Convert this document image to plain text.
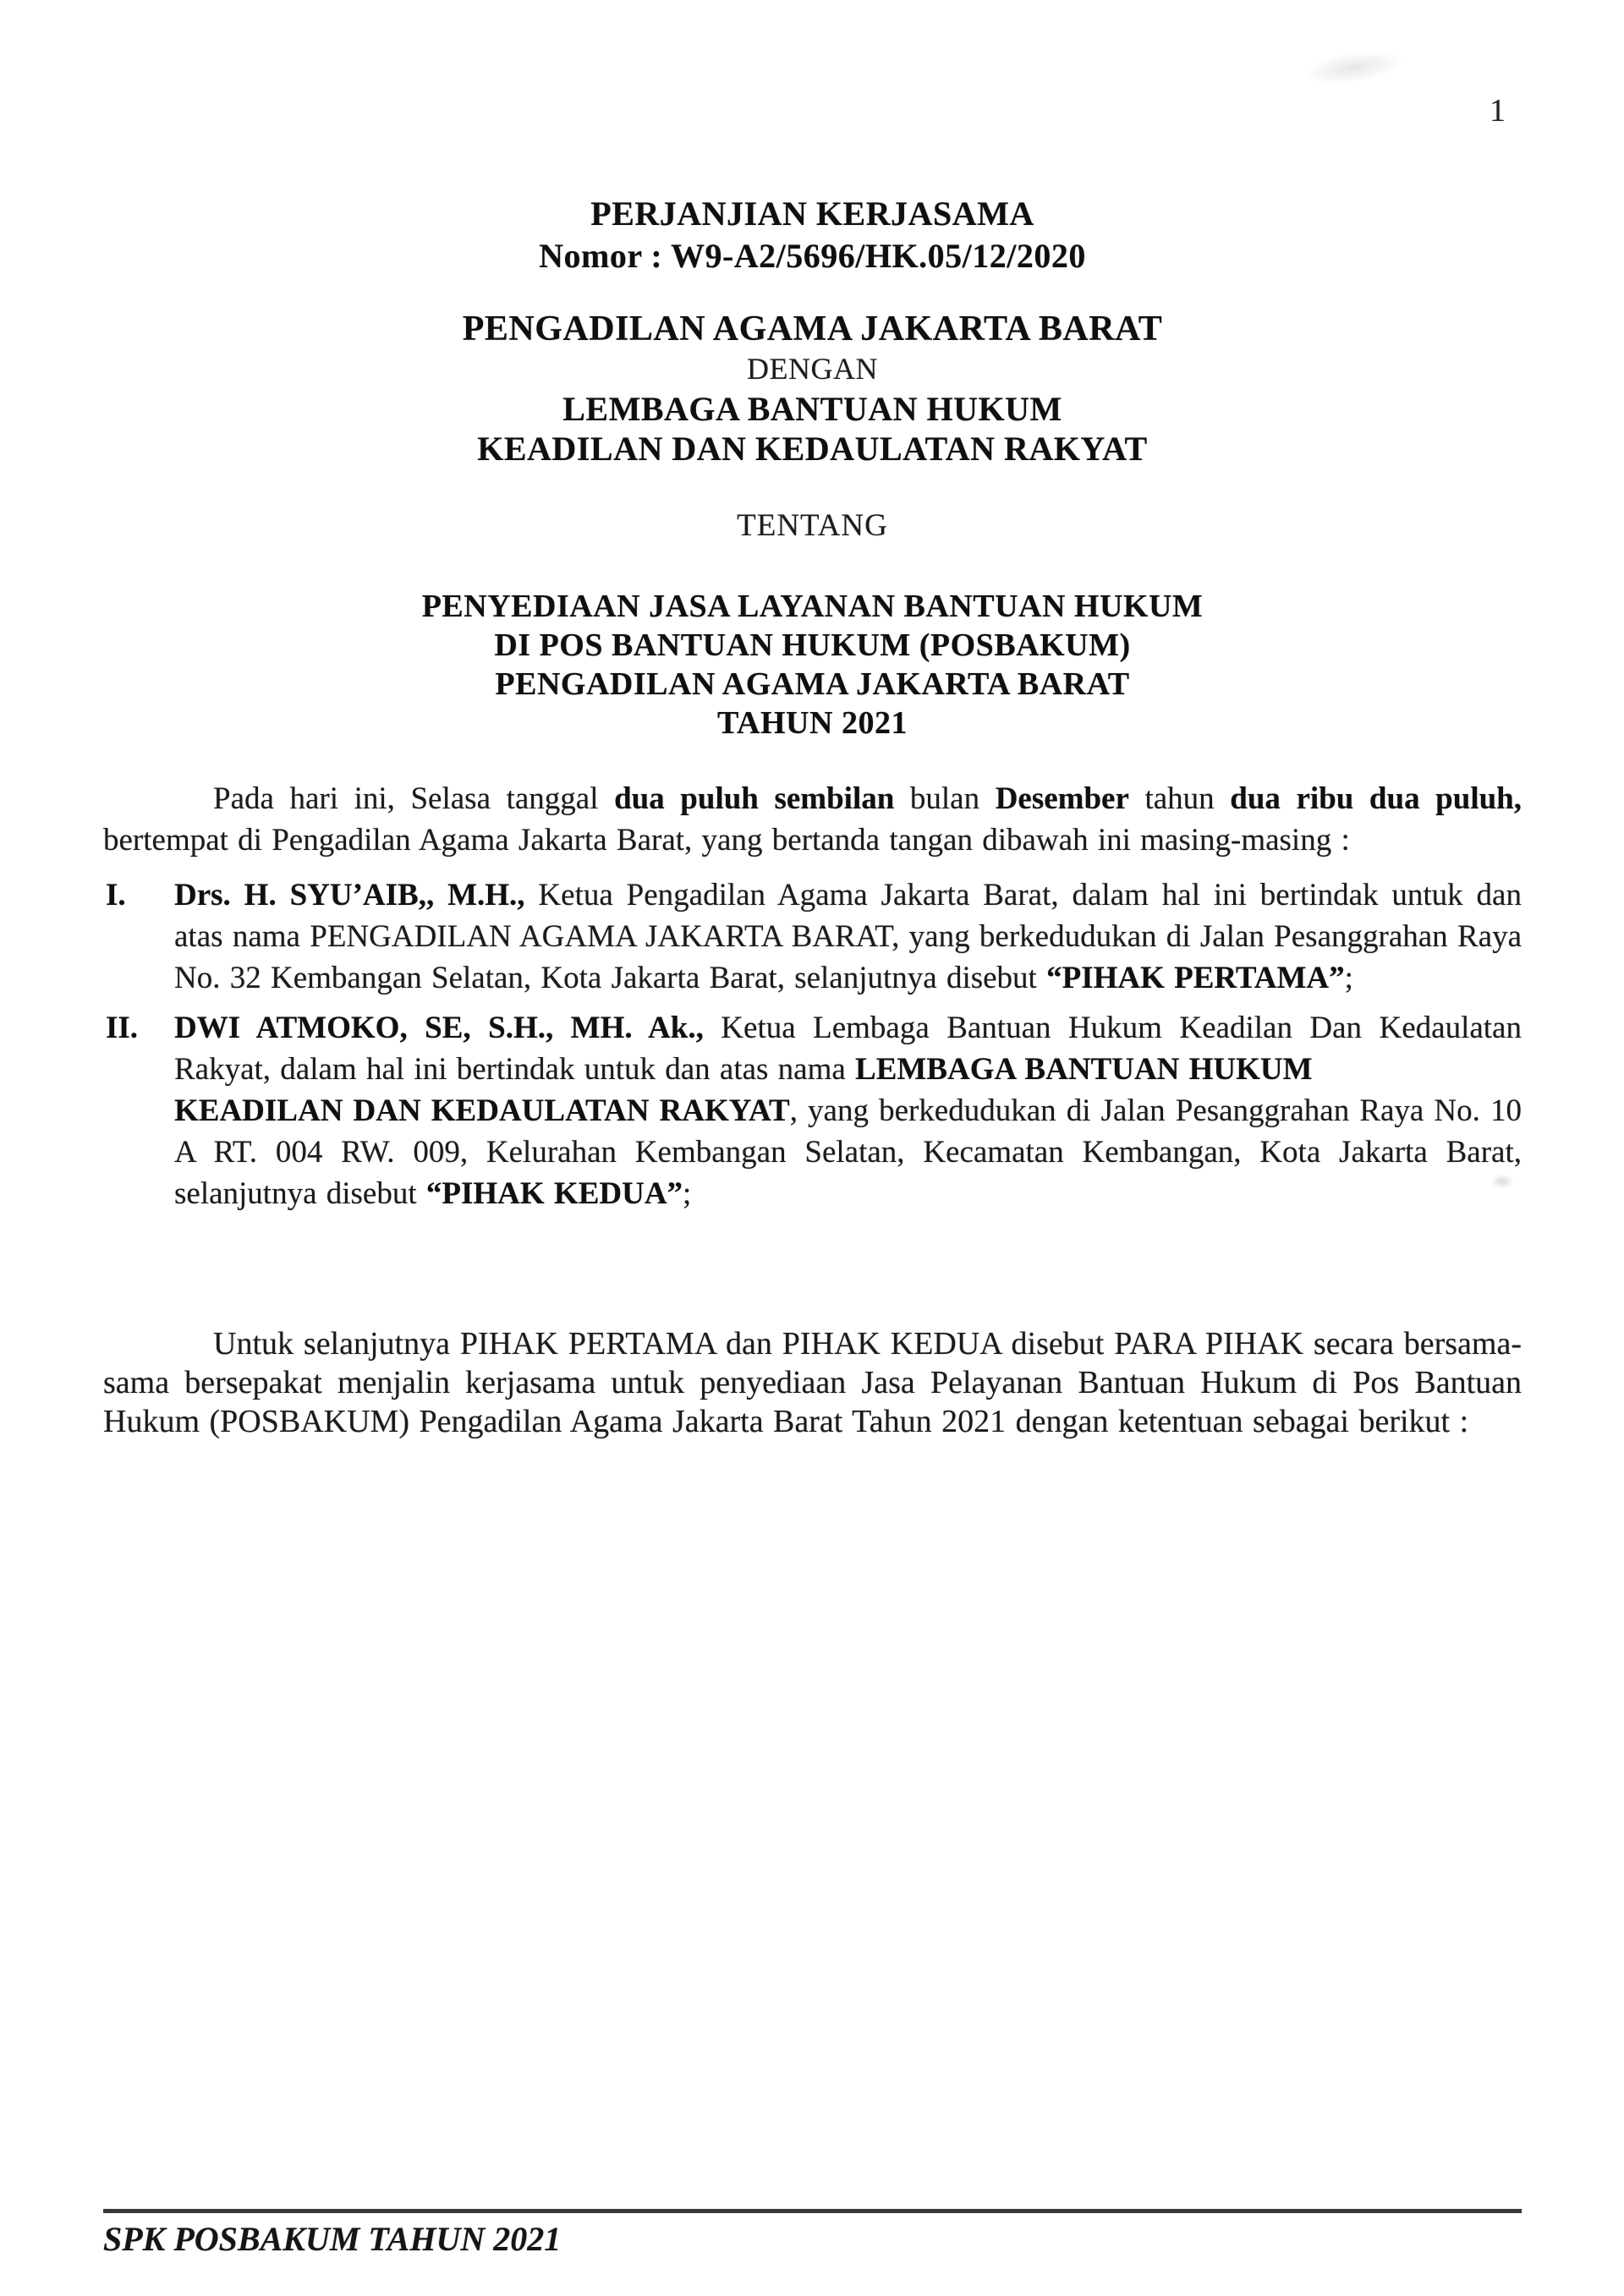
1
PERJANJIAN KERJASAMA
Nomor : W9-A2/5696/HK.05/12/2020
PENGADILAN AGAMA JAKARTA BARAT
DENGAN
LEMBAGA BANTUAN HUKUM
KEADILAN DAN KEDAULATAN RAKYAT
TENTANG
PENYEDIAAN JASA LAYANAN BANTUAN HUKUM
DI POS BANTUAN HUKUM (POSBAKUM)
PENGADILAN AGAMA JAKARTA BARAT
TAHUN 2021
Pada hari ini, Selasa tanggal dua puluh sembilan bulan Desember tahun dua ribu dua puluh, bertempat di Pengadilan Agama Jakarta Barat, yang bertanda tangan dibawah ini masing-masing :
I.	Drs. H. SYU’AIB,, M.H., Ketua Pengadilan Agama Jakarta Barat, dalam hal ini bertindak untuk dan atas nama PENGADILAN AGAMA JAKARTA BARAT, yang berkedudukan di Jalan Pesanggrahan Raya No. 32 Kembangan Selatan, Kota Jakarta Barat, selanjutnya disebut “PIHAK PERTAMA”;
II.	DWI ATMOKO, SE, S.H., MH. Ak., Ketua Lembaga Bantuan Hukum Keadilan Dan Kedaulatan Rakyat, dalam hal ini bertindak untuk dan atas nama LEMBAGA BANTUAN HUKUM
KEADILAN DAN KEDAULATAN RAKYAT, yang berkedudukan di Jalan Pesanggrahan Raya No. 10 A RT. 004 RW. 009, Kelurahan Kembangan Selatan, Kecamatan Kembangan, Kota Jakarta Barat, selanjutnya disebut “PIHAK KEDUA”;
Untuk selanjutnya PIHAK PERTAMA dan PIHAK KEDUA disebut PARA PIHAK secara bersama-sama bersepakat menjalin kerjasama untuk penyediaan Jasa Pelayanan Bantuan Hukum di Pos Bantuan Hukum (POSBAKUM) Pengadilan Agama Jakarta Barat Tahun 2021 dengan ketentuan sebagai berikut :
SPK POSBAKUM TAHUN 2021
